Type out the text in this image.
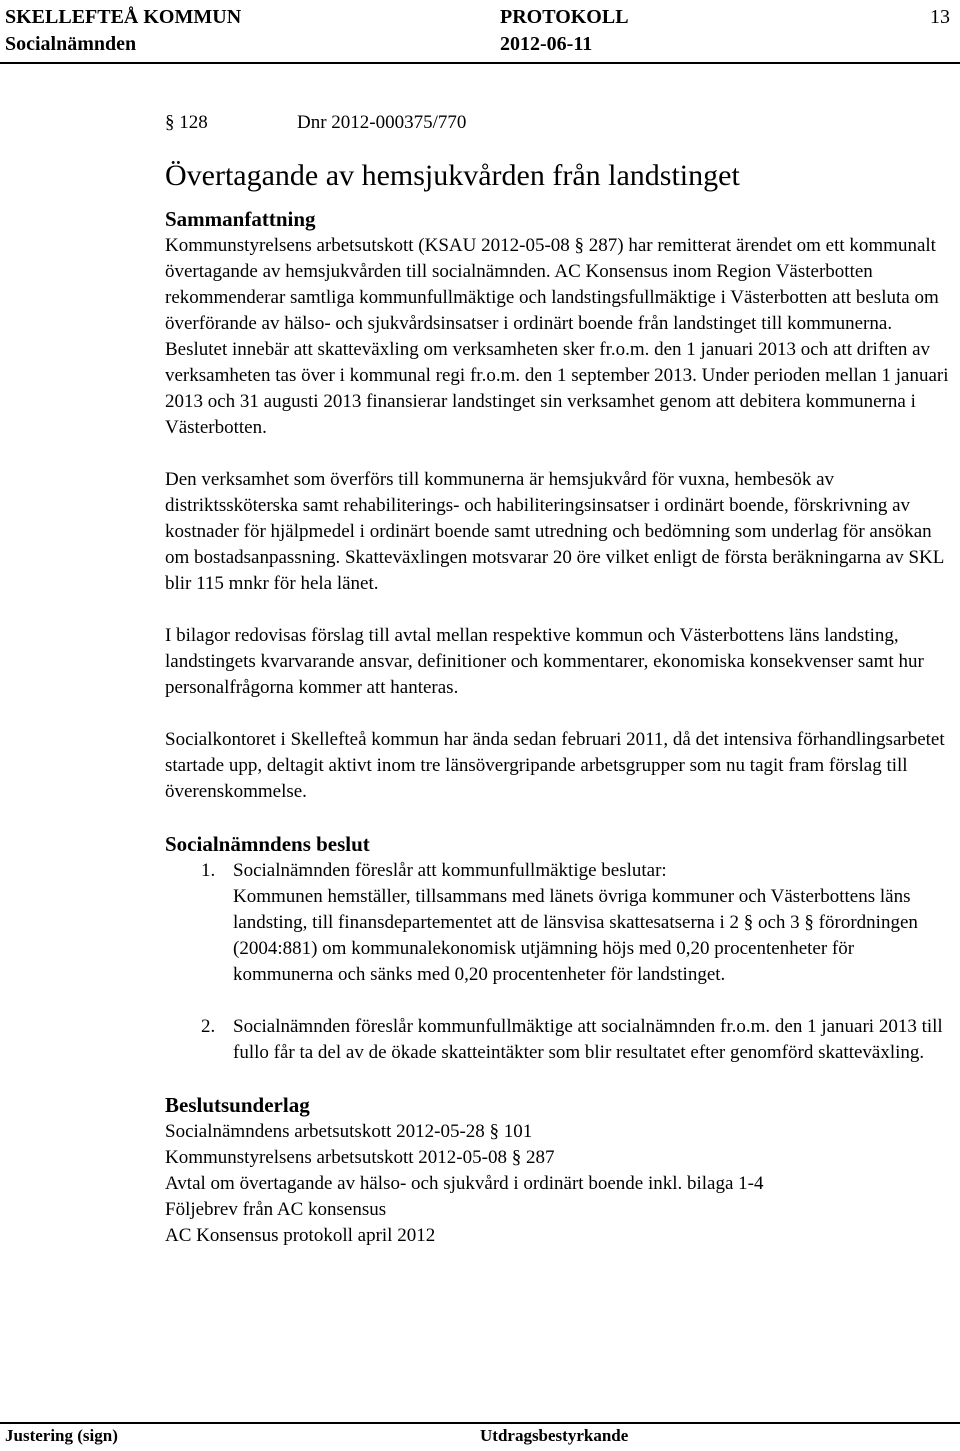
SKELLEFTEÅ KOMMUN
Socialnämnden
PROTOKOLL
2012-06-11
13
§ 128	Dnr 2012-000375/770
Övertagande av hemsjukvården från landstinget
Sammanfattning

Kommunstyrelsens arbetsutskott (KSAU 2012-05-08 § 287) har remitterat ärendet om ett kommunalt övertagande av hemsjukvården till socialnämnden. AC Konsensus inom Region Västerbotten rekommenderar samtliga kommunfullmäktige och landstingsfullmäktige i Västerbotten att besluta om överförande av hälso- och sjukvårdsinsatser i ordinärt boende från landstinget till kommunerna. Beslutet innebär att skatteväxling om verksamheten sker fr.o.m. den 1 januari 2013 och att driften av verksamheten tas över i kommunal regi fr.o.m. den 1 september 2013. Under perioden mellan 1 januari 2013 och 31 augusti 2013 finansierar landstinget sin verksamhet genom att debitera kommunerna i Västerbotten.

Den verksamhet som överförs till kommunerna är hemsjukvård för vuxna, hembesök av distriktssköterska samt rehabiliterings- och habiliteringsinsatser i ordinärt boende, förskrivning av kostnader för hjälpmedel i ordinärt boende samt utredning och bedömning som underlag för ansökan om bostadsanpassning. Skatteväxlingen motsvarar 20 öre vilket enligt de första beräkningarna av SKL blir 115 mnkr för hela länet.

I bilagor redovisas förslag till avtal mellan respektive kommun och Västerbottens läns landsting, landstingets kvarvarande ansvar, definitioner och kommentarer, ekonomiska konsekvenser samt hur personalfrågorna kommer att hanteras.

Socialkontoret i Skellefteå kommun har ända sedan februari 2011, då det intensiva förhandlingsarbetet startade upp, deltagit aktivt inom tre länsövergripande arbetsgrupper som nu tagit fram förslag till överenskommelse.

Socialnämndens beslut
1. Socialnämnden föreslår att kommunfullmäktige beslutar:
Kommunen hemställer, tillsammans med länets övriga kommuner och Västerbottens läns landsting, till finansdepartementet att de länsvisa skattesatserna i 2 § och 3 § förordningen (2004:881) om kommunalekonomisk utjämning höjs med 0,20 procentenheter för kommunerna och sänks med 0,20 procentenheter för landstinget.
2. Socialnämnden föreslår kommunfullmäktige att socialnämnden fr.o.m. den 1 januari 2013 till fullo får ta del av de ökade skatteintäkter som blir resultatet efter genomförd skatteväxling.
Beslutsunderlag
Socialnämndens arbetsutskott 2012-05-28 § 101
Kommunstyrelsens arbetsutskott 2012-05-08 § 287
Avtal om övertagande av hälso- och sjukvård i ordinärt boende inkl. bilaga 1-4
Följebrev från AC konsensus
AC Konsensus protokoll april 2012
Justering (sign)	Utdragsbestyrkande
